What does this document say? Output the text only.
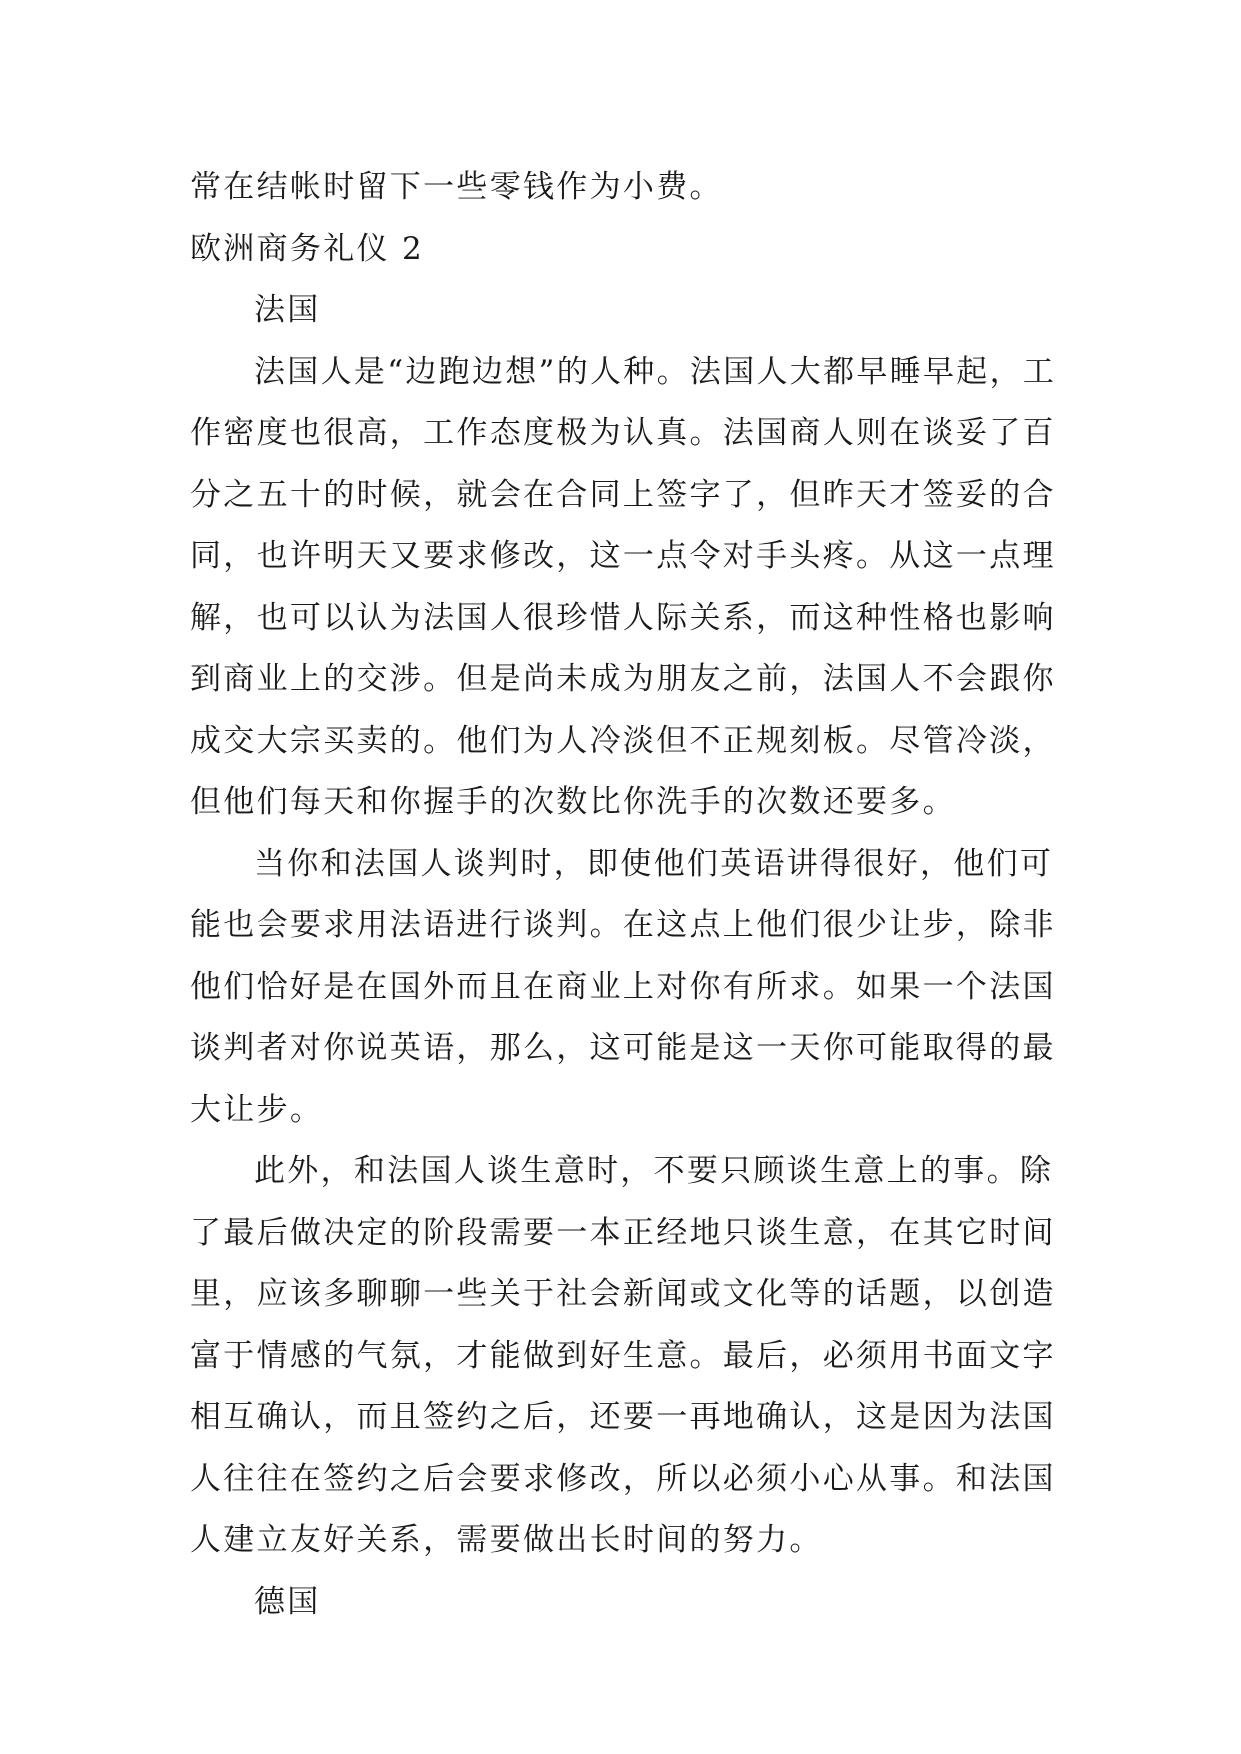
常在结帐时留下一些零钱作为小费。

欧洲商务礼仪 2

法国

法国人是“边跑边想”的人种。法国人大都早睡早起，工作密度也很高，工作态度极为认真。法国商人则在谈妥了百分之五十的时候，就会在合同上签字了，但昨天才签妥的合同，也许明天又要求修改，这一点令对手头疼。从这一点理解，也可以认为法国人很珍惜人际关系，而这种性格也影响到商业上的交涉。但是尚未成为朋友之前，法国人不会跟你成交大宗买卖的。他们为人冷淡但不正规刻板。尽管冷淡，但他们每天和你握手的次数比你洗手的次数还要多。

当你和法国人谈判时，即使他们英语讲得很好，他们可能也会要求用法语进行谈判。在这点上他们很少让步，除非他们恰好是在国外而且在商业上对你有所求。如果一个法国谈判者对你说英语，那么，这可能是这一天你可能取得的最大让步。

此外，和法国人谈生意时，不要只顾谈生意上的事。除了最后做决定的阶段需要一本正经地只谈生意，在其它时间里，应该多聊聊一些关于社会新闻或文化等的话题，以创造富于情感的气氛，才能做到好生意。最后，必须用书面文字相互确认，而且签约之后，还要一再地确认，这是因为法国人往往在签约之后会要求修改，所以必须小心从事。和法国人建立友好关系，需要做出长时间的努力。

德国
